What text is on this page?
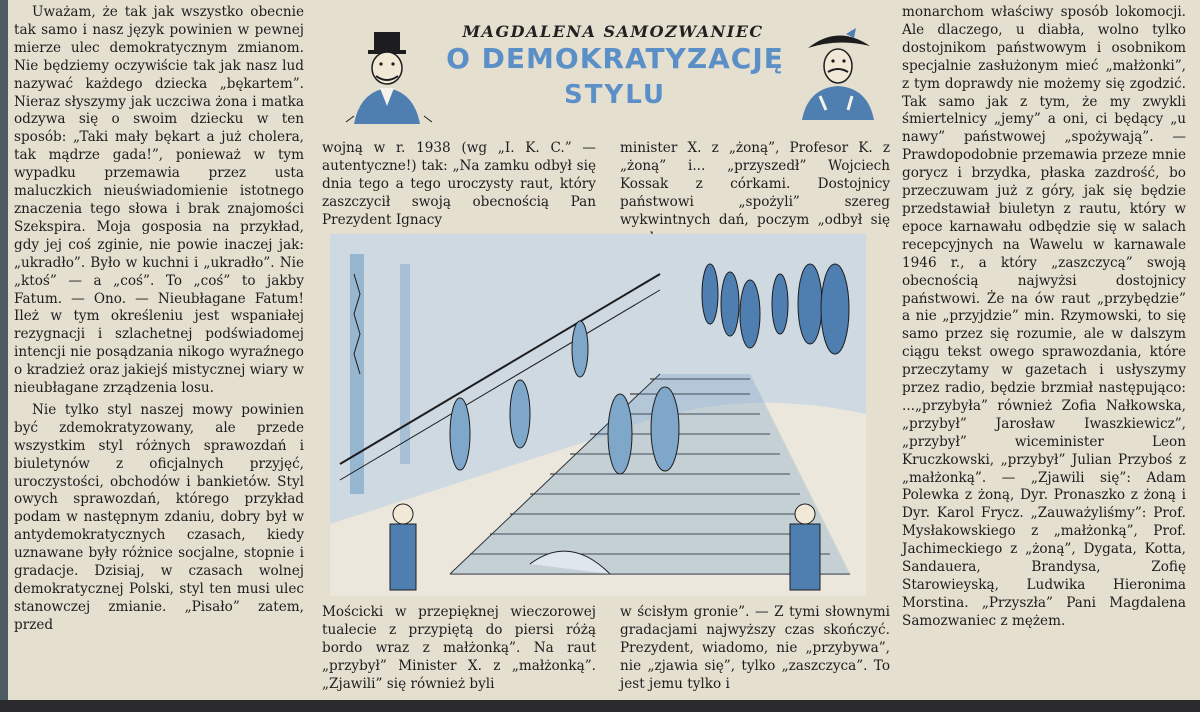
Uważam, że tak jak wszystko obecnie tak samo i nasz język powinien w pewnej mierze ulec demokratycznym zmianom. Nie będziemy oczywiście tak jak nasz lud nazywać każdego dziecka „bękartem”. Nieraz słyszymy jak uczciwa żona i matka odzywa się o swoim dziecku w ten sposób: „Taki mały bękart a już cholera, tak mądrze gada!”, ponieważ w tym wypadku przemawia przez usta maluczkich nieuświadomienie istotnego znaczenia tego słowa i brak znajomości Szekspira. Moja gosposia na przykład, gdy jej coś zginie, nie powie inaczej jak: „ukradło”. Było w kuchni i „ukradło”. Nie „ktoś” — a „coś”. To „coś” to jakby Fatum. — Ono. — Nieubłagane Fatum! Ileż w tym określeniu jest wspaniałej rezygnacji i szlachetnej podświadomej intencji nie posądzania nikogo wyraźnego o kradzież oraz jakiejś mistycznej wiary w nieubłagane zrządzenia losu.

Nie tylko styl naszej mowy powinien być zdemokratyzowany, ale przede wszystkim styl różnych sprawozdań i biuletynów z oficjalnych przyjęć, uroczystości, obchodów i bankietów. Styl owych sprawozdań, którego przykład podam w następnym zdaniu, dobry był w antydemokratycznych czasach, kiedy uznawane były różnice socjalne, stopnie i gradacje. Dzisiaj, w czasach wolnej demokratycznej Polski, styl ten musi ulec stanowczej zmianie. „Pisało” zatem, przed

MAGDALENA SAMOZWANIEC
O DEMOKRATYZACJĘ
STYLU

wojną w r. 1938 (wg „I. K. C.” — autentyczne!) tak: „Na zamku odbył się dnia tego a tego uroczysty raut, który zaszczycił swoją obecnością Pan Prezydent Ignacy

minister X. z „żoną”, Profesor K. z „żoną” i... „przyszedł” Wojciech Kossak z córkami. Dostojnicy państwowi „spożyli” szereg wykwintnych dań, poczym „odbył się

Mościcki w przepięknej wieczorowej tualecie z przypiętą do piersi różą bordo wraz z małżonką”. Na raut „przybył” Minister X. z „małżonką”. „Zjawili” się również byli

w ścisłym gronie”. — Z tymi słownymi gradacjami najwyższy czas skończyć. Prezydent, wiadomo, nie „przybywa”, nie „zjawia się”, tylko „zaszczyca”. To jest jemu tylko i

monarchom właściwy sposób lokomocji. Ale dlaczego, u diabła, wolno tylko dostojnikom państwowym i osobnikom specjalnie zasłużonym mieć „małżonki”, z tym doprawdy nie możemy się zgodzić. Tak samo jak z tym, że my zwykli śmiertelnicy „jemy” a oni, ci będący „u nawy” państwowej „spożywają”. — Prawdopodobnie przemawia przeze mnie gorycz i brzydka, płaska zazdrość, bo przeczuwam już z góry, jak się będzie przedstawiał biuletyn z rautu, który w epoce karnawału odbędzie się w salach recepcyjnych na Wawelu w karnawale 1946 r., a który „zaszczycą” swoją obecnością najwyżsi dostojnicy państwowi. Że na ów raut „przybędzie” a nie „przyjdzie” min. Rzymowski, to się samo przez się rozumie, ale w dalszym ciągu tekst owego sprawozdania, które przeczytamy w gazetach i usłyszymy przez radio, będzie brzmiał następująco: ...„przybyła” również Zofia Nałkowska, „przybył” Jarosław Iwaszkiewicz”, „przybył” wiceminister Leon Kruczkowski, „przybył” Julian Przyboś z „małżonką”. — „Zjawili się”: Adam Polewka z żoną, Dyr. Pronaszko z żoną i Dyr. Karol Frycz. „Zauważyliśmy”: Prof. Mysłakowskiego z „małżonką”, Prof. Jachimeckiego z „żoną”, Dygata, Kotta, Sandauera, Brandysa, Zofię Starowieyską, Ludwika Hieronima Morstina. „Przyszła” Pani Magdalena Samozwaniec z mężem.
